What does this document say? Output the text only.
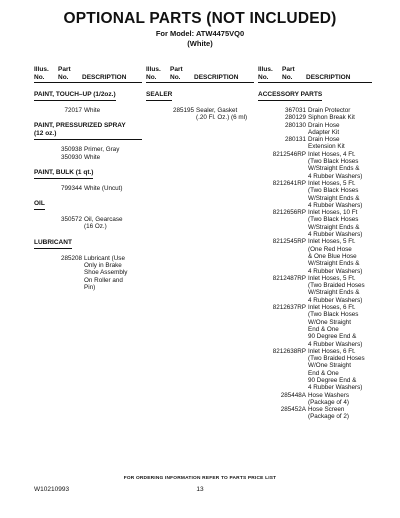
OPTIONAL PARTS (NOT INCLUDED)
For Model: ATW4475VQ0
(White)
Illus.
No.
Part
No.	DESCRIPTION
PAINT, TOUCH–UP (1/2oz.)
72017 White
PAINT, PRESSURIZED SPRAY
(12 oz.)
350938 Primer, Gray
350930 White
PAINT, BULK (1 qt.)
799344 White (Uncut)
OIL
350572 Oil, Gearcase
(16 Oz.)
LUBRICANT
285208 Lubricant (Use
Only in Brake
Shoe Assembly
On Roller and
Pin)
Illus.
No.
Part
No.	DESCRIPTION
SEALER
285195 Sealer, Gasket
(.20 Fl. Oz.) (6 ml)
Illus.
No.
Part
No.	DESCRIPTION
ACCESSORY PARTS
367031 Drain Protector
280129 Siphon Break Kit
280130 Drain Hose
Adapter Kit
280131 Drain Hose
Extension Kit
8212546RP Inlet Hoses, 4 Ft.
(Two Black Hoses
W/Straight Ends &
4 Rubber Washers)
8212641RP Inlet Hoses, 5 Ft.
(Two Black Hoses
W/Straight Ends &
4 Rubber Washers)
8212656RP Inlet Hoses, 10 Ft
(Two Black Hoses
W/Straight Ends &
4 Rubber Washers)
8212545RP Inlet Hoses, 5 Ft.
(One Red Hose
& One Blue Hose
W/Straight Ends &
4 Rubber Washers)
8212487RP Inlet Hoses, 5 Ft.
(Two Braided Hoses
W/Straight Ends &
4 Rubber Washers)
8212637RP Inlet Hoses, 6 Ft.
(Two Black Hoses
W/One Straight
End & One
90 Degree End &
4 Rubber Washers)
8212638RP Inlet Hoses, 6 Ft.
(Two Braided Hoses
W/One Straight
End & One
90 Degree End &
4 Rubber Washers)
285448A Hose Washers
(Package of 4)
285452A Hose Screen
(Package of 2)
FOR ORDERING INFORMATION REFER TO PARTS PRICE LIST
W10210993	13
